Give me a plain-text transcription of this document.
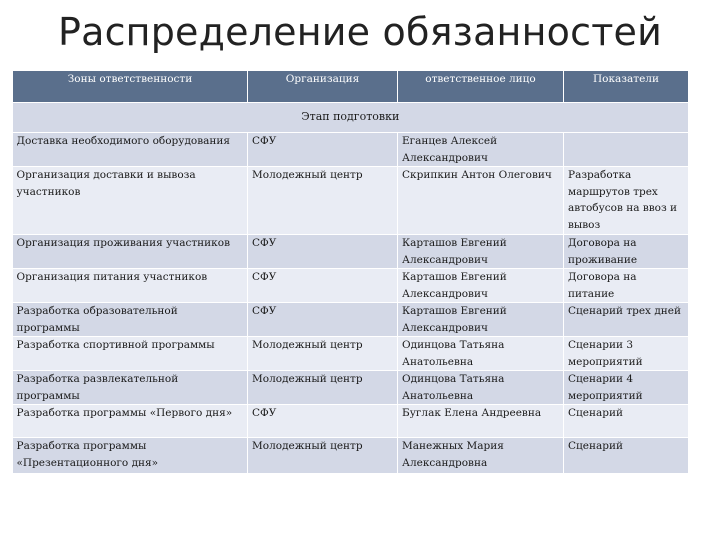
Распределение обязанностей
Зоны ответственности	Организация	ответственное лицо	Показатели
Этап подготовки			
Доставка необходимого оборудования	СФУ	Еганцев Алексей Александрович	
Организация доставки и вывоза участников	Молодежный центр	Скрипкин Антон Олегович	Разработка маршрутов трех автобусов на ввоз и вывоз
Организация проживания участников	СФУ	Карташов Евгений Александрович	Договора на проживание
Организация питания участников	СФУ	Карташов Евгений Александрович	Договора на питание
Разработка образовательной программы	СФУ	Карташов Евгений Александрович	Сценарий трех дней
Разработка спортивной программы	Молодежный центр	Одинцова Татьяна Анатольевна	Сценарии 3 мероприятий
Разработка развлекательной программы	Молодежный центр	Одинцова Татьяна Анатольевна	Сценарии 4 мероприятий
Разработка программы «Первого дня»	СФУ	Буглак Елена Андреевна	Сценарий
Разработка программы «Презентационного дня»	Молодежный центр	Манежных Мария Александровна	Сценарий
